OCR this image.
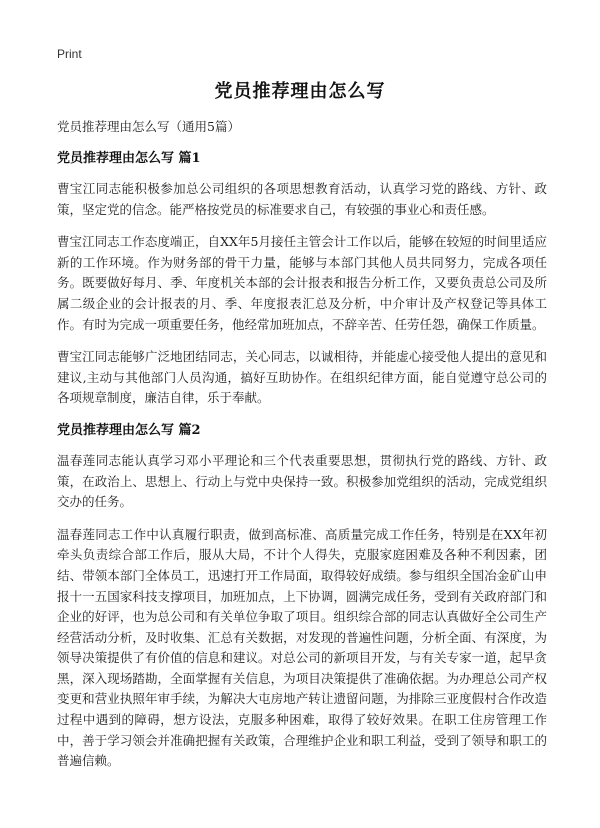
Print
党员推荐理由怎么写
党员推荐理由怎么写（通用5篇）
党员推荐理由怎么写 篇1

曹宝江同志能积极参加总公司组织的各项思想教育活动，认真学习党的路线、方针、政策，坚定党的信念。能严格按党员的标准要求自己，有较强的事业心和责任感。

曹宝江同志工作态度端正，自XX年5月接任主管会计工作以后，能够在较短的时间里适应新的工作环境。作为财务部的骨干力量，能够与本部门其他人员共同努力，完成各项任务。既要做好每月、季、年度机关本部的会计报表和报告分析工作，又要负责总公司及所属二级企业的会计报表的月、季、年度报表汇总及分析，中介审计及产权登记等具体工作。有时为完成一项重要任务，他经常加班加点，不辞辛苦、任劳任怨，确保工作质量。

曹宝江同志能够广泛地团结同志，关心同志，以诚相待，并能虚心接受他人提出的意见和建议,主动与其他部门人员沟通，搞好互助协作。在组织纪律方面，能自觉遵守总公司的各项规章制度，廉洁自律，乐于奉献。

党员推荐理由怎么写 篇2

温春莲同志能认真学习邓小平理论和三个代表重要思想，贯彻执行党的路线、方针、政策，在政治上、思想上、行动上与党中央保持一致。积极参加党组织的活动，完成党组织交办的任务。

温春莲同志工作中认真履行职责，做到高标准、高质量完成工作任务，特别是在XX年初牵头负责综合部工作后，服从大局，不计个人得失，克服家庭困难及各种不利因素，团结、带领本部门全体员工，迅速打开工作局面，取得较好成绩。参与组织全国冶金矿山申报十一五国家科技支撑项目，加班加点，上下协调，圆满完成任务，受到有关政府部门和企业的好评，也为总公司和有关单位争取了项目。组织综合部的同志认真做好全公司生产经营活动分析，及时收集、汇总有关数据，对发现的普遍性问题，分析全面、有深度，为领导决策提供了有价值的信息和建议。对总公司的新项目开发，与有关专家一道，起早贪黑，深入现场踏勘，全面掌握有关信息，为项目决策提供了准确依据。为办理总公司产权变更和营业执照年审手续，为解决大屯房地产转让遗留问题，为排除三亚度假村合作改造过程中遇到的障碍，想方设法，克服多种困难，取得了较好效果。在职工住房管理工作中，善于学习领会并准确把握有关政策，合理维护企业和职工利益，受到了领导和职工的普遍信赖。
